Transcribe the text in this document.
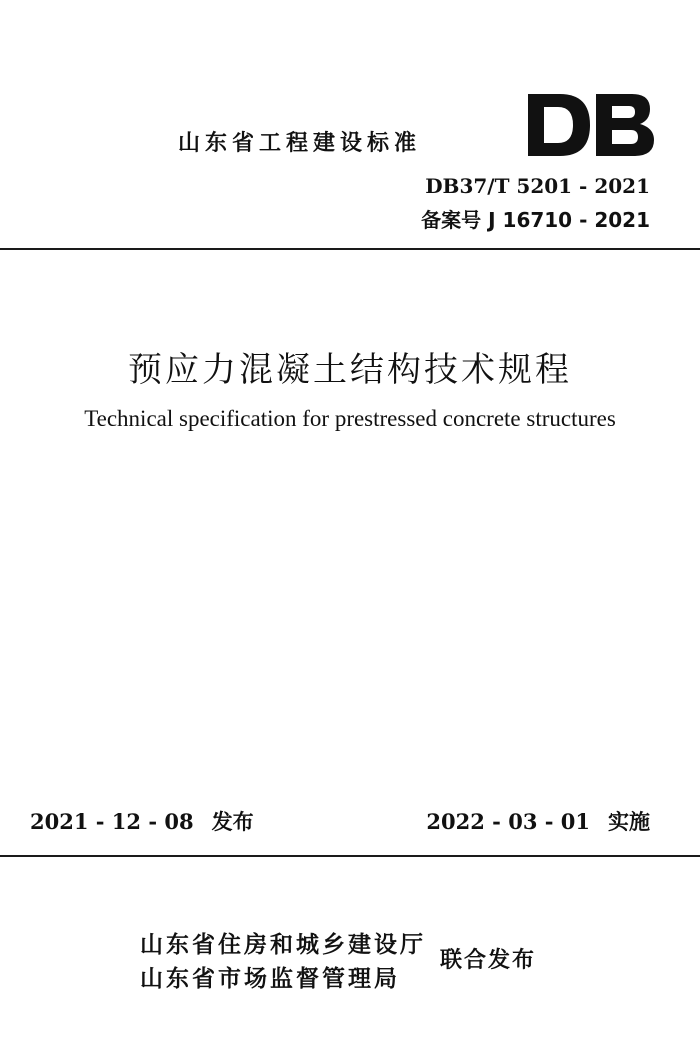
山东省工程建设标准
DB37/T 5201 - 2021
备案号 J 16710 - 2021
预应力混凝土结构技术规程
Technical specification for prestressed concrete structures
2021 - 12 - 08 发布	2022 - 03 - 01 实施
山东省住房和城乡建设厅
山东省市场监督管理局
联合发布
